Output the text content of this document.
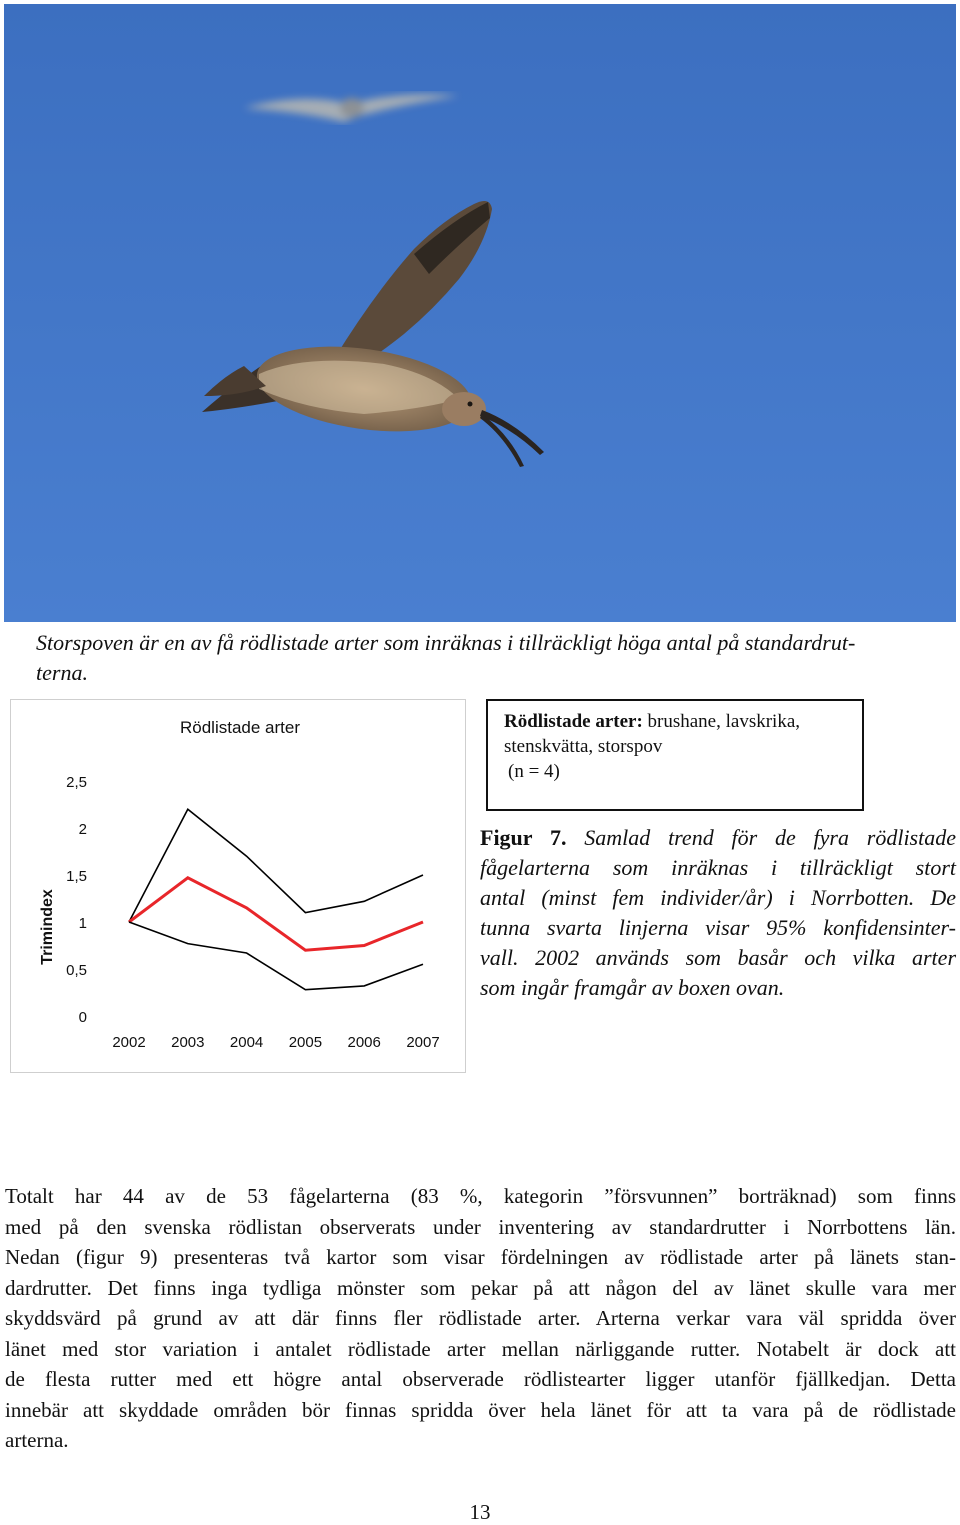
Storspoven är en av få rödlistade arter som inräknas i tillräckligt höga antal på standardrut-
terna.
Rödlistade arter
Trimindex
0
0,5
1
1,5
2
2,5
2002 2003 2004 2005 2006 2007
Rödlistade arter: brushane, lavskrika,
stenskvätta, storspov
(n = 4)
Figur 7. Samlad trend för de fyra rödlistade
fågelarterna som inräknas i tillräckligt stort
antal (minst fem individer/år) i Norrbotten. De
tunna svarta linjerna visar 95% konfidensinter-
vall. 2002 används som basår och vilka arter
som ingår framgår av boxen ovan.
Totalt har 44 av de 53 fågelarterna (83 %, kategorin ”försvunnen” borträknad) som finns
med på den svenska rödlistan observerats under inventering av standardrutter i Norrbottens län.
Nedan (figur 9) presenteras två kartor som visar fördelningen av rödlistade arter på länets stan-
dardrutter. Det finns inga tydliga mönster som pekar på att någon del av länet skulle vara mer
skyddsvärd på grund av att där finns fler rödlistade arter. Arterna verkar vara väl spridda över
länet med stor variation i antalet rödlistade arter mellan närliggande rutter. Notabelt är dock att
de flesta rutter med ett högre antal observerade rödlistearter ligger utanför fjällkedjan. Detta
innebär att skyddade områden bör finnas spridda över hela länet för att ta vara på de rödlistade
arterna.
13
